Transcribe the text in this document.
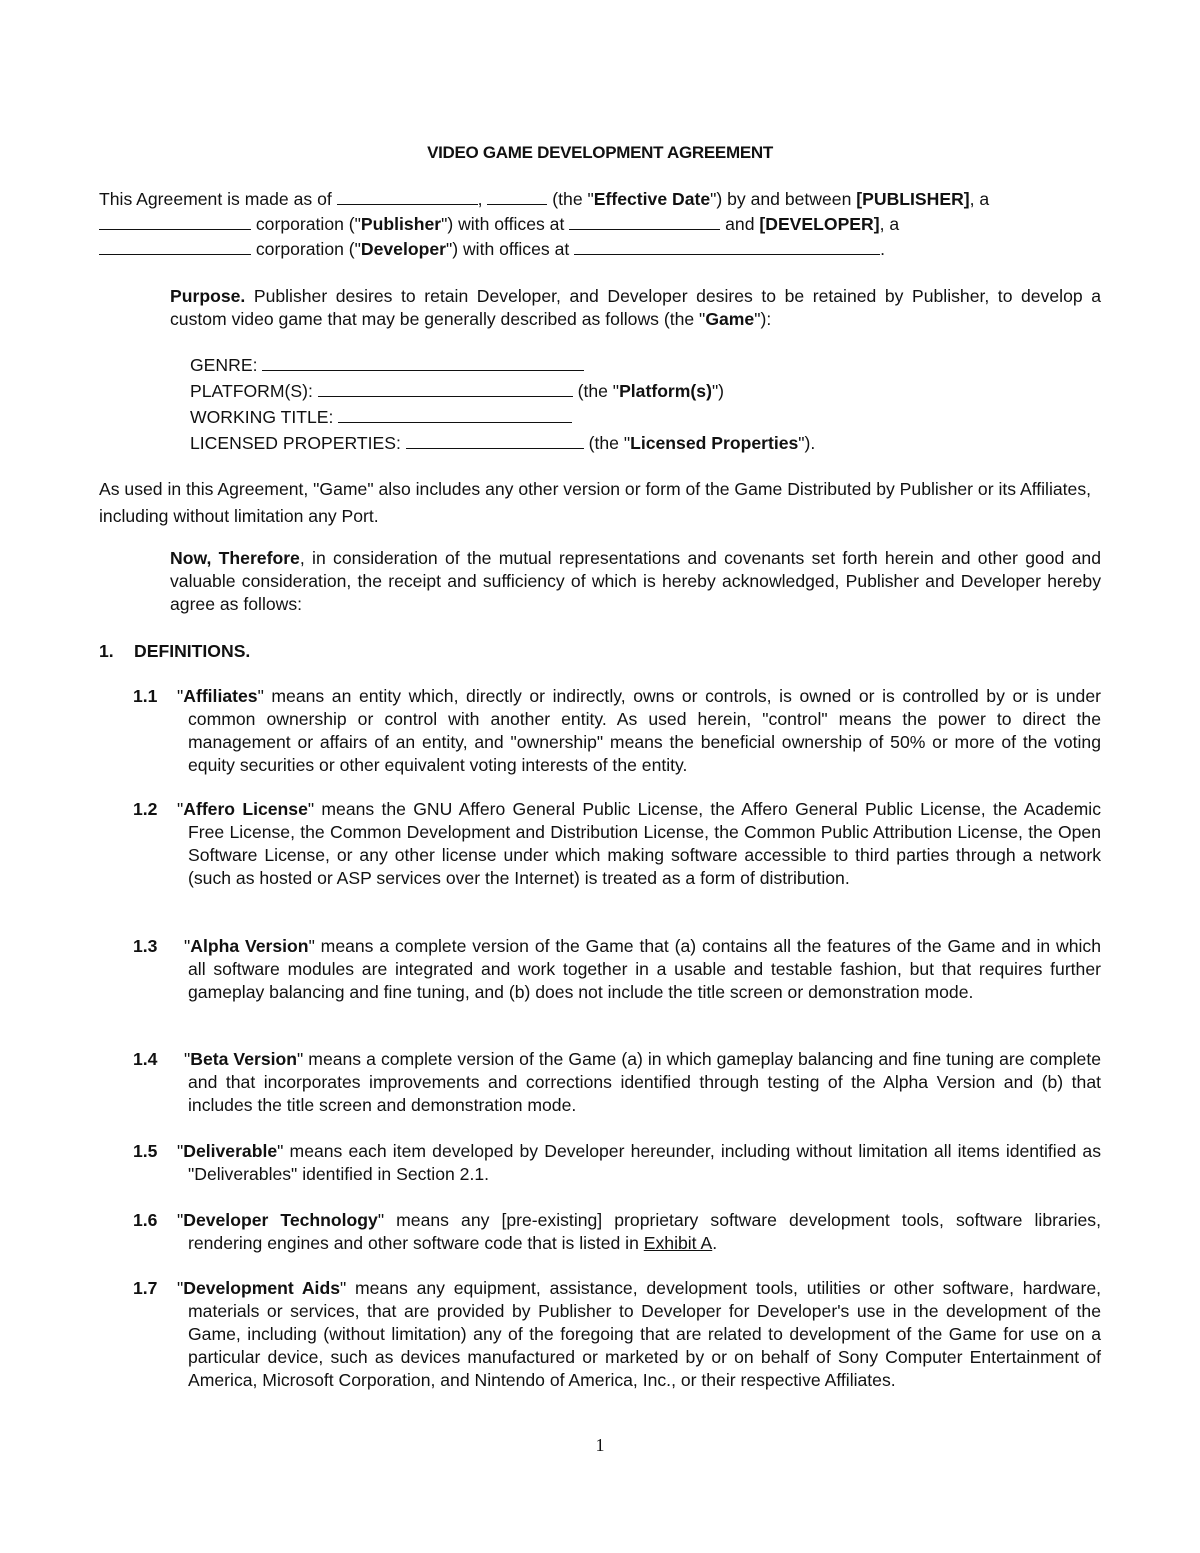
VIDEO GAME DEVELOPMENT AGREEMENT
This Agreement is made as of	,	(the "Effective Date") by and between [PUBLISHER], a
corporation ("Publisher") with offices at	and [DEVELOPER], a
corporation ("Developer") with offices at	.
Purpose. Publisher desires to retain Developer, and Developer desires to be retained by Publisher, to develop a custom video game that may be generally described as follows (the "Game"):
GENRE:
PLATFORM(S):	(the "Platform(s)")
WORKING TITLE:
LICENSED PROPERTIES:	(the "Licensed Properties").
As used in this Agreement, "Game" also includes any other version or form of the Game Distributed by Publisher or its Affiliates, including without limitation any Port.
Now, Therefore, in consideration of the mutual representations and covenants set forth herein and other good and valuable consideration, the receipt and sufficiency of which is hereby acknowledged, Publisher and Developer hereby agree as follows:
1. DEFINITIONS.
1.1 "Affiliates" means an entity which, directly or indirectly, owns or controls, is owned or is controlled by or is under common ownership or control with another entity. As used herein, "control" means the power to direct the management or affairs of an entity, and "ownership" means the beneficial ownership of 50% or more of the voting equity securities or other equivalent voting interests of the entity.
1.2 "Affero License" means the GNU Affero General Public License, the Affero General Public License, the Academic Free License, the Common Development and Distribution License, the Common Public Attribution License, the Open Software License, or any other license under which making software accessible to third parties through a network (such as hosted or ASP services over the Internet) is treated as a form of distribution.
1.3 "Alpha Version" means a complete version of the Game that (a) contains all the features of the Game and in which all software modules are integrated and work together in a usable and testable fashion, but that requires further gameplay balancing and fine tuning, and (b) does not include the title screen or demonstration mode.
1.4 "Beta Version" means a complete version of the Game (a) in which gameplay balancing and fine tuning are complete and that incorporates improvements and corrections identified through testing of the Alpha Version and (b) that includes the title screen and demonstration mode.
1.5 "Deliverable" means each item developed by Developer hereunder, including without limitation all items identified as "Deliverables" identified in Section 2.1.
1.6 "Developer Technology" means any [pre-existing] proprietary software development tools, software libraries, rendering engines and other software code that is listed in Exhibit A.
1.7 "Development Aids" means any equipment, assistance, development tools, utilities or other software, hardware, materials or services, that are provided by Publisher to Developer for Developer's use in the development of the Game, including (without limitation) any of the foregoing that are related to development of the Game for use on a particular device, such as devices manufactured or marketed by or on behalf of Sony Computer Entertainment of America, Microsoft Corporation, and Nintendo of America, Inc., or their respective Affiliates.
1
